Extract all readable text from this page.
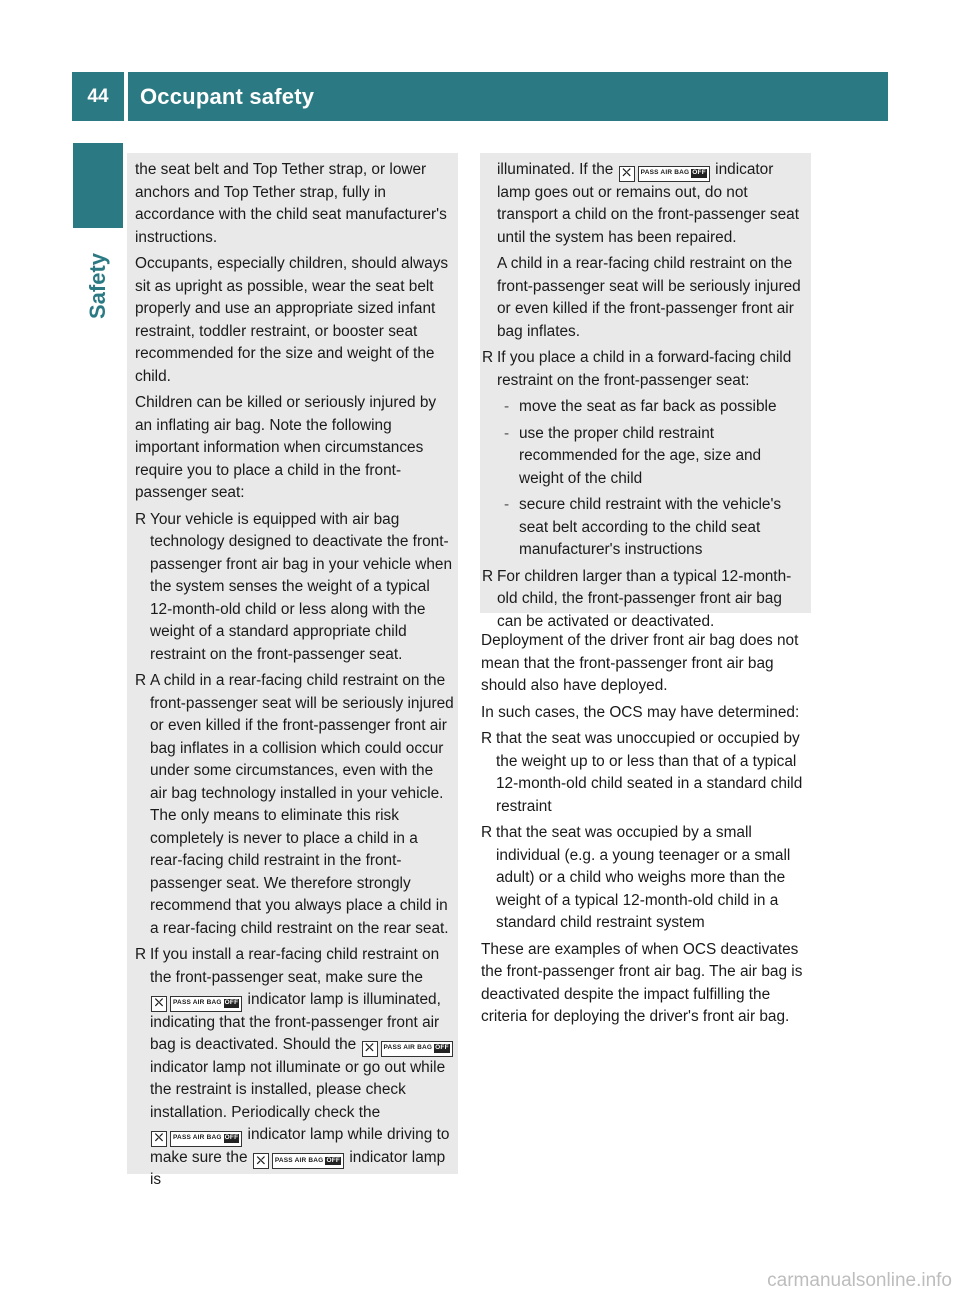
44	Occupant safety
Safety

the seat belt and Top Tether strap, or lower anchors and Top Tether strap, fully in accordance with the child seat manufacturer's instructions.

Occupants, especially children, should always sit as upright as possible, wear the seat belt properly and use an appropriate sized infant restraint, toddler restraint, or booster seat recommended for the size and weight of the child.

Children can be killed or seriously injured by an inflating air bag. Note the following important information when circumstances require you to place a child in the front-passenger seat:

R Your vehicle is equipped with air bag technology designed to deactivate the front-passenger front air bag in your vehicle when the system senses the weight of a typical 12-month-old child or less along with the weight of a standard appropriate child restraint on the front-passenger seat.
R A child in a rear-facing child restraint on the front-passenger seat will be seriously injured or even killed if the front-passenger front air bag inflates in a collision which could occur under some circumstances, even with the air bag technology installed in your vehicle. The only means to eliminate this risk completely is never to place a child in a rear-facing child restraint in the front-passenger seat. We therefore strongly recommend that you always place a child in a rear-facing child restraint on the rear seat.
R If you install a rear-facing child restraint on the front-passenger seat, make sure the
⛌	PASS AIR BAG OFF indicator lamp is illuminated, indicating that the front-passenger front air bag is deactivated. Should the ⛌	PASS AIR BAG OFF
indicator lamp not illuminate or go out while the restraint is installed, please check installation. Periodically check the
⛌	PASS AIR BAG OFF indicator lamp while driving to make sure the ⛌	PASS AIR BAG OFF indicator lamp is
illuminated. If the ⛌	PASS AIR BAG OFF indicator lamp goes out or remains out, do not transport a child on the front-passenger seat until the system has been repaired.
A child in a rear-facing child restraint on the front-passenger seat will be seriously injured or even killed if the front-passenger front air bag inflates.
R If you place a child in a forward-facing child restraint on the front-passenger seat:
- move the seat as far back as possible
- use the proper child restraint recommended for the age, size and weight of the child
- secure child restraint with the vehicle's seat belt according to the child seat manufacturer's instructions
R For children larger than a typical 12-month-old child, the front-passenger front air bag can be activated or deactivated.

Deployment of the driver front air bag does not mean that the front-passenger front air bag should also have deployed.

In such cases, the OCS may have determined:

R that the seat was unoccupied or occupied by the weight up to or less than that of a typical 12-month-old child seated in a standard child restraint
R that the seat was occupied by a small individual (e.g. a young teenager or a small adult) or a child who weighs more than the weight of a typical 12-month-old child in a standard child restraint system

These are examples of when OCS deactivates the front-passenger front air bag. The air bag is deactivated despite the impact fulfilling the criteria for deploying the driver's front air bag.

carmanualsonline.info
